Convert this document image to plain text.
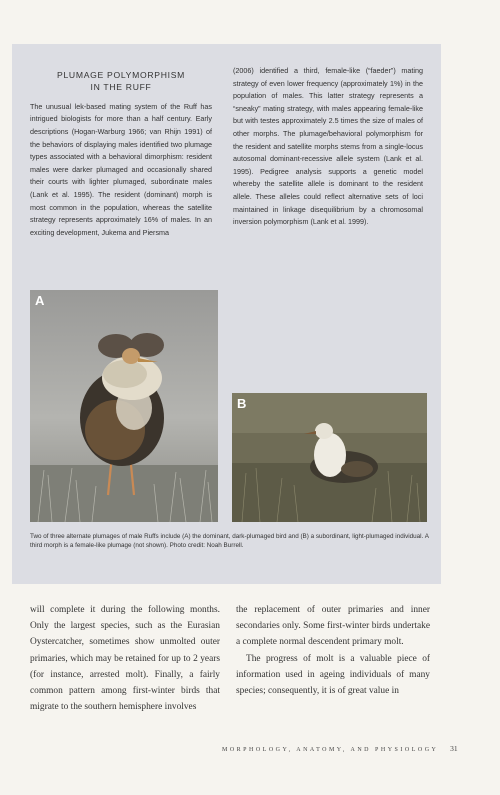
PLUMAGE POLYMORPHISM
IN THE RUFF
The unusual lek-based mating system of the Ruff has intrigued biologists for more than a half century. Early descriptions (Hogan-Warburg 1966; van Rhijn 1991) of the behaviors of displaying males identified two plumage types associated with a behavioral dimorphism: resident males were darker plumaged and occasionally shared their courts with lighter plumaged, subordinate males (Lank et al. 1995). The resident (dominant) morph is most common in the population, whereas the satellite strategy represents approximately 16% of males. In an exciting development, Jukema and Piersma
(2006) identified a third, female-like (“faeder”) mating strategy of even lower frequency (approximately 1%) in the population of males. This latter strategy represents a “sneaky” mating strategy, with males appearing female-like but with testes approximately 2.5 times the size of males of other morphs. The plumage/behavioral polymorphism for the resident and satellite morphs stems from a single-locus autosomal dominant-recessive allele system (Lank et al. 1995). Pedigree analysis supports a genetic model whereby the satellite allele is dominant to the resident allele. These alleles could reflect alternative sets of loci maintained in linkage disequilibrium by a chromosomal inversion polymorphism (Lank et al. 1999).
A
B
Two of three alternate plumages of male Ruffs include (A) the dominant, dark-plumaged bird and (B) a subordinant, light-plumaged individual. A third morph is a female-like plumage (not shown). Photo credit: Noah Burrell.

will complete it during the following months. Only the largest species, such as the Eurasian Oystercatcher, sometimes show unmolted outer primaries, which may be retained for up to 2 years (for instance, arrested molt). Finally, a fairly common pattern among first-winter birds that migrate to the southern hemisphere involves

the replacement of outer primaries and inner secondaries only. Some first-winter birds undertake a complete normal descendent primary molt.

The progress of molt is a valuable piece of information used in ageing individuals of many species; consequently, it is of great value in

MORPHOLOGY, ANATOMY, AND PHYSIOLOGY 31
